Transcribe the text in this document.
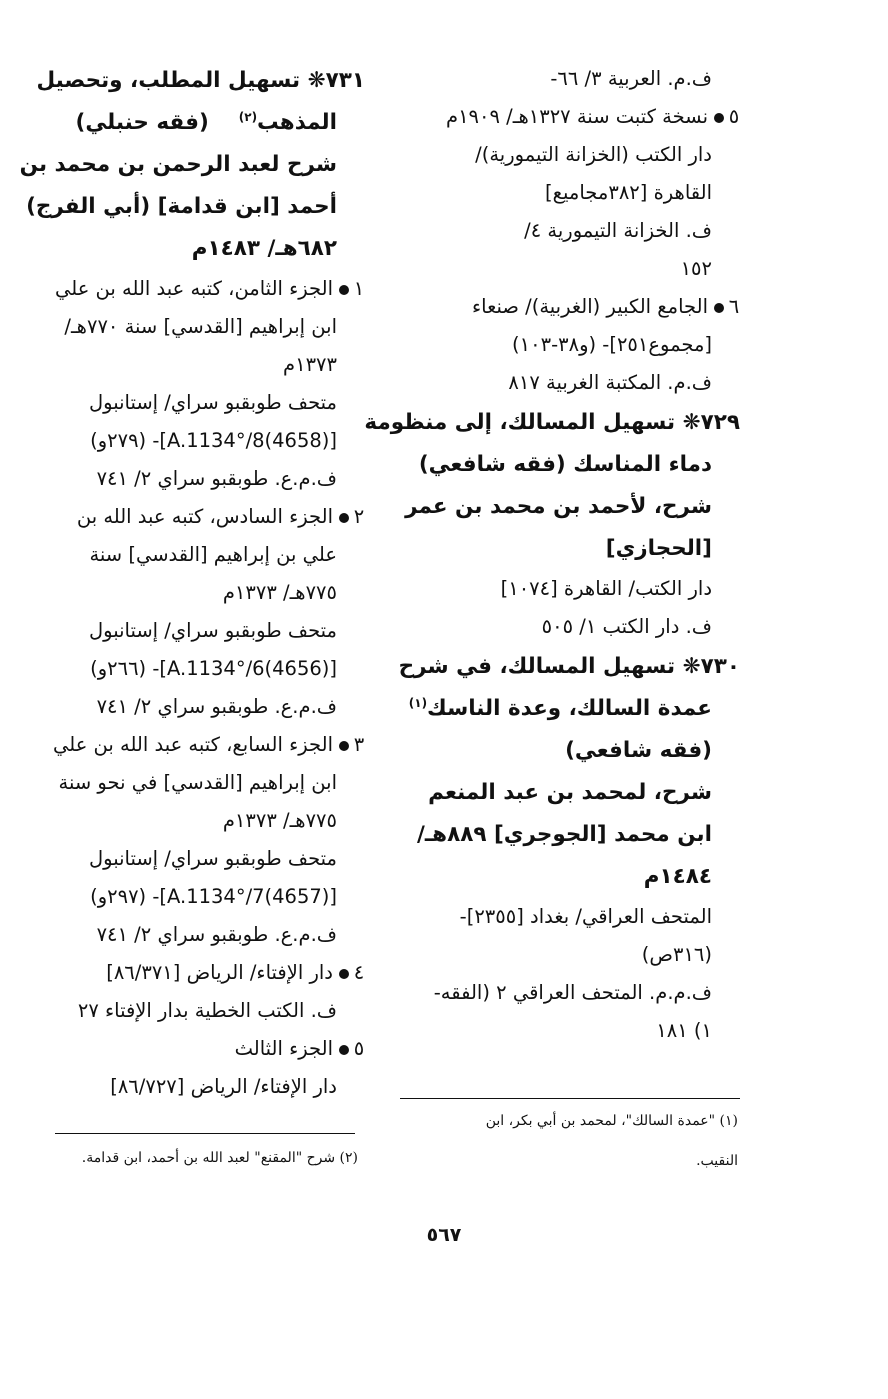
ف.م. العربية ٣/ ٦٦-
٥نسخة كتبت سنة ١٣٢٧هـ/ ١٩٠٩م
دار الكتب (الخزانة التيمورية)/
القاهرة [٣٨٢مجاميع]
ف. الخزانة التيمورية ٤/
١٥٢
٦الجامع الكبير (الغربية)/ صنعاء
[مجموع٢٥١]- (و٣٨-١٠٣)
ف.م. المكتبة الغربية ٨١٧
٧٢٩❋ تسهيل المسالك، إلى منظومة
دماء المناسك (فقه شافعي)
شرح، لأحمد بن محمد بن عمر
[الحجازي]
دار الكتب/ القاهرة [١٠٧٤]
ف. دار الكتب ١/ ٥٠٥
٧٣٠❋ تسهيل المسالك، في شرح
عمدة السالك، وعدة الناسك$^{(١)}$
(فقه شافعي)
شرح، لمحمد بن عبد المنعم
ابن محمد [الجوجري] ٨٨٩هـ/
١٤٨٤م
المتحف العراقي/ بغداد [٢٣٥٥]-
(٣١٦ص)
ف.م.م. المتحف العراقي ٢ (الفقه-
١) ١٨١
٧٣١❋ تسهيل المطلب، وتحصيل
المذهب$^{(٢)}$    (فقه حنبلي)
شرح لعبد الرحمن بن محمد بن
أحمد [ابن قدامة] (أبي الفرج)
٦٨٢هـ/ ١٤٨٣م
١الجزء الثامن، كتبه عبد الله بن علي
ابن إبراهيم [القدسي] سنة ٧٧٠هـ/
١٣٧٣م
متحف طوبقبو سراي/ إستانبول
[A.1134°/8(4658)]- (٢٧٩و)
ف.م.ع. طوبقبو سراي ٢/ ٧٤١
٢الجزء السادس، كتبه عبد الله بن
علي بن إبراهيم [القدسي] سنة
٧٧٥هـ/ ١٣٧٣م
متحف طوبقبو سراي/ إستانبول
[A.1134°/6(4656)]- (٢٦٦و)
ف.م.ع. طوبقبو سراي ٢/ ٧٤١
٣الجزء السابع، كتبه عبد الله بن علي
ابن إبراهيم [القدسي] في نحو سنة
٧٧٥هـ/ ١٣٧٣م
متحف طوبقبو سراي/ إستانبول
[A.1134°/7(4657)]- (٢٩٧و)
ف.م.ع. طوبقبو سراي ٢/ ٧٤١
٤دار الإفتاء/ الرياض [٨٦/٣٧١]
ف. الكتب الخطية بدار الإفتاء ٢٧
٥الجزء الثالث
دار الإفتاء/ الرياض [٨٦/٧٢٧]
(١) "عمدة السالك"، لمحمد بن أبي بكر، ابن
النقيب.
(٢) شرح "المقنع" لعبد الله بن أحمد، ابن قدامة.
٥٦٧
